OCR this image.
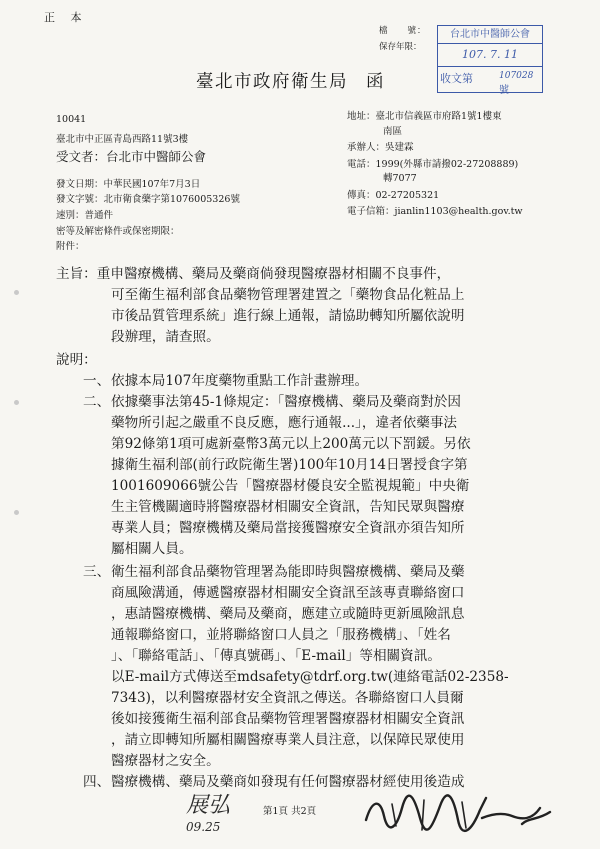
正 本
檔　　號：
保存年限：
台北市中醫師公會
107. 7. 11
收文第	107028號
臺北市政府衛生局 函
10041
臺北市中正區青島西路11號3樓
受文者：台北市中醫師公會
發文日期：中華民國107年7月3日
發文字號：北市衛食藥字第1076005326號
速別：普通件
密等及解密條件或保密期限：
附件：
地址：臺北市信義區市府路1號1樓東
南區
承辦人：吳建霖
電話：1999(外縣市請撥02-27208889)
轉7077
傳真：02-27205321
電子信箱：jianlin1103@health.gov.tw
主旨：重申醫療機構、藥局及藥商倘發現醫療器材相關不良事件，
可至衛生福利部食品藥物管理署建置之「藥物食品化粧品上
市後品質管理系統」進行線上通報，請協助轉知所屬依說明
段辦理，請查照。
說明：
一、 依據本局107年度藥物重點工作計畫辦理。
二、 依據藥事法第45-1條規定：「醫療機構、藥局及藥商對於因
藥物所引起之嚴重不良反應，應行通報...」，違者依藥事法
第92條第1項可處新臺幣3萬元以上200萬元以下罰鍰。另依
據衛生福利部(前行政院衛生署)100年10月14日署授食字第
1001609066號公告「醫療器材優良安全監視規範」中央衛
生主管機關適時將醫療器材相關安全資訊，告知民眾與醫療
專業人員；醫療機構及藥局當接獲醫療安全資訊亦須告知所
屬相關人員。
三、 衛生福利部食品藥物管理署為能即時與醫療機構、藥局及藥
商風險溝通，傳遞醫療器材相關安全資訊至該專責聯絡窗口
，惠請醫療機構、藥局及藥商，應建立或隨時更新風險訊息
通報聯絡窗口，並將聯絡窗口人員之「服務機構」、「姓名
」、「聯絡電話」、「傳真號碼」、「E-mail」等相關資訊。
以E-mail方式傳送至mdsafety@tdrf.org.tw(連絡電話02-2358-
7343)，以利醫療器材安全資訊之傳送。各聯絡窗口人員爾
後如接獲衛生福利部食品藥物管理署醫療器材相關安全資訊
，請立即轉知所屬相關醫療專業人員注意，以保障民眾使用
醫療器材之安全。
四、 醫療機構、藥局及藥商如發現有任何醫療器材經使用後造成
展弘
09.25
第1頁 共2頁
